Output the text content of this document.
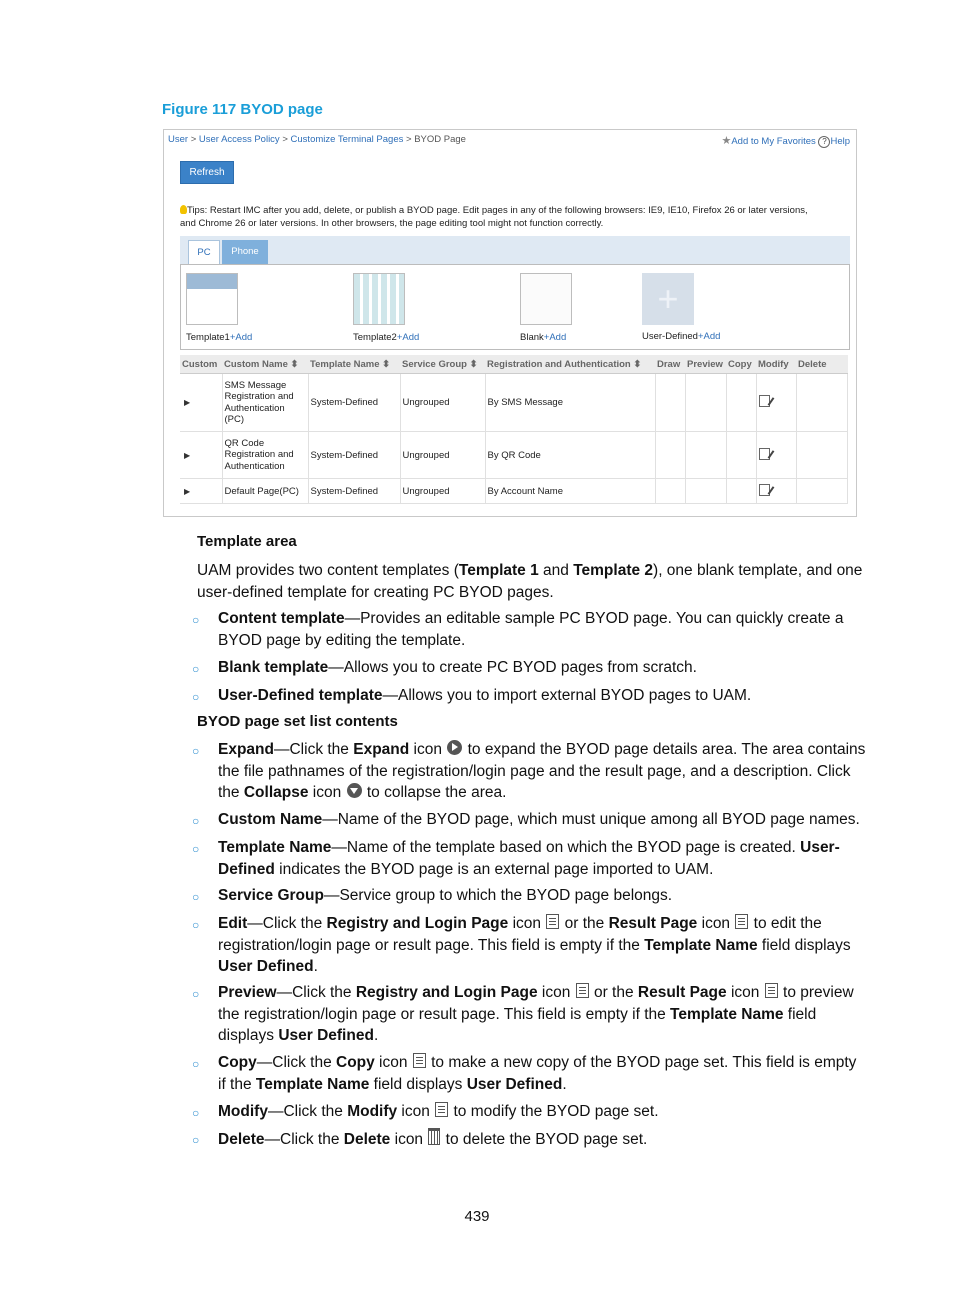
Figure 117 BYOD page
User > User Access Policy > Customize Terminal Pages > BYOD Page	★Add to My Favorites ? Help
Refresh
Tips: Restart IMC after you add, delete, or publish a BYOD page. Edit pages in any of the following browsers: IE9, IE10, Firefox 26 or later versions, and Chrome 26 or later versions. In other browsers, the page editing tool might not function correctly.
PC	Phone
Template1+Add	Template2+Add	Blank+Add
+	User-Defined+Add
Custom	Custom Name ⬍	Template Name ⬍	Service Group ⬍	Registration and Authentication ⬍	Draw	Preview	Copy	Modify	Delete
▶	SMS Message Registration and Authentication (PC)	System-Defined	Ungrouped	By SMS Message					
▶	QR Code Registration and Authentication	System-Defined	Ungrouped	By QR Code					
▶	Default Page(PC)	System-Defined	Ungrouped	By Account Name					
Template area
UAM provides two content templates (Template 1 and Template 2), one blank template, and one user-defined template for creating PC BYOD pages.
○ Content template—Provides an editable sample PC BYOD page. You can quickly create a BYOD page by editing the template.
○ Blank template—Allows you to create PC BYOD pages from scratch.
○ User-Defined template—Allows you to import external BYOD pages to UAM.
BYOD page set list contents
○ Expand—Click the Expand icon  to expand the BYOD page details area. The area contains the file pathnames of the registration/login page and the result page, and a description. Click the Collapse icon  to collapse the area.
○ Custom Name—Name of the BYOD page, which must unique among all BYOD page names.
○ Template Name—Name of the template based on which the BYOD page is created. User-Defined indicates the BYOD page is an external page imported to UAM.
○ Service Group—Service group to which the BYOD page belongs.
○ Edit—Click the Registry and Login Page icon  or the Result Page icon  to edit the registration/login page or result page. This field is empty if the Template Name field displays User Defined.
○ Preview—Click the Registry and Login Page icon  or the Result Page icon  to preview the registration/login page or result page. This field is empty if the Template Name field displays User Defined.
○ Copy—Click the Copy icon  to make a new copy of the BYOD page set. This field is empty if the Template Name field displays User Defined.
○ Modify—Click the Modify icon  to modify the BYOD page set.
○ Delete—Click the Delete icon  to delete the BYOD page set.
439
